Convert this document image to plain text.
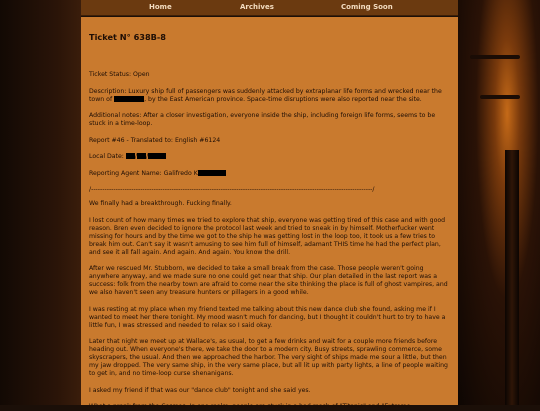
Home	Archives	Coming Soon
Ticket N° 638B-8

Ticket Status: Open

Description: Luxury ship full of passengers was suddenly attacked by extraplanar life forms and wrecked near the town of	, by the East American province. Space-time disruptions were also reported near the site.

Additional notes: After a closer investigation, everyone inside the ship, including foreign life forms, seems to be stuck in a time-loop.

Report #46 - Translated to: English #6124

Local Date: / /

Reporting Agent Name: Galifredo K

/------------------------------------------------------------------------------------------------------------------------------/

We finally had a breakthrough. Fucking finally.

I lost count of how many times we tried to explore that ship, everyone was getting tired of this case and with good reason. Bren even decided to ignore the protocol last week and tried to sneak in by himself. Motherfucker went missing for hours and by the time we got to the ship he was getting lost in the loop too, it took us a few tries to break him out. Can't say it wasn't amusing to see him full of himself, adamant THIS time he had the perfect plan, and see it all fall again. And again. And again. You know the drill.

After we rescued Mr. Stubborn, we decided to take a small break from the case. Those people weren't going anywhere anyway, and we made sure no one could get near that ship. Our plan detailed in the last report was a success: folk from the nearby town are afraid to come near the site thinking the place is full of ghost vampires, and we also haven't seen any treasure hunters or pillagers in a good while.

I was resting at my place when my friend texted me talking about this new dance club she found, asking me if I wanted to meet her there tonight. My mood wasn't much for dancing, but I thought it couldn't hurt to try to have a little fun, I was stressed and needed to relax so I said okay.

Later that night we meet up at Wallace's, as usual, to get a few drinks and wait for a couple more friends before heading out. When everyone's there, we take the door to a modern city. Busy streets, sprawling commerce, some skyscrapers, the usual. And then we approached the harbor. The very sight of ships made me sour a little, but then my jaw dropped. The very same ship, in the very same place, but all lit up with party lights, a line of people waiting to get in, and no time-loop curse shenanigans.

I asked my friend if that was our "dance club" tonight and she said yes.

What a prank from the Cosmos. In one realm, people are stuck in a bad mash of "Titanic" and "Extreme
